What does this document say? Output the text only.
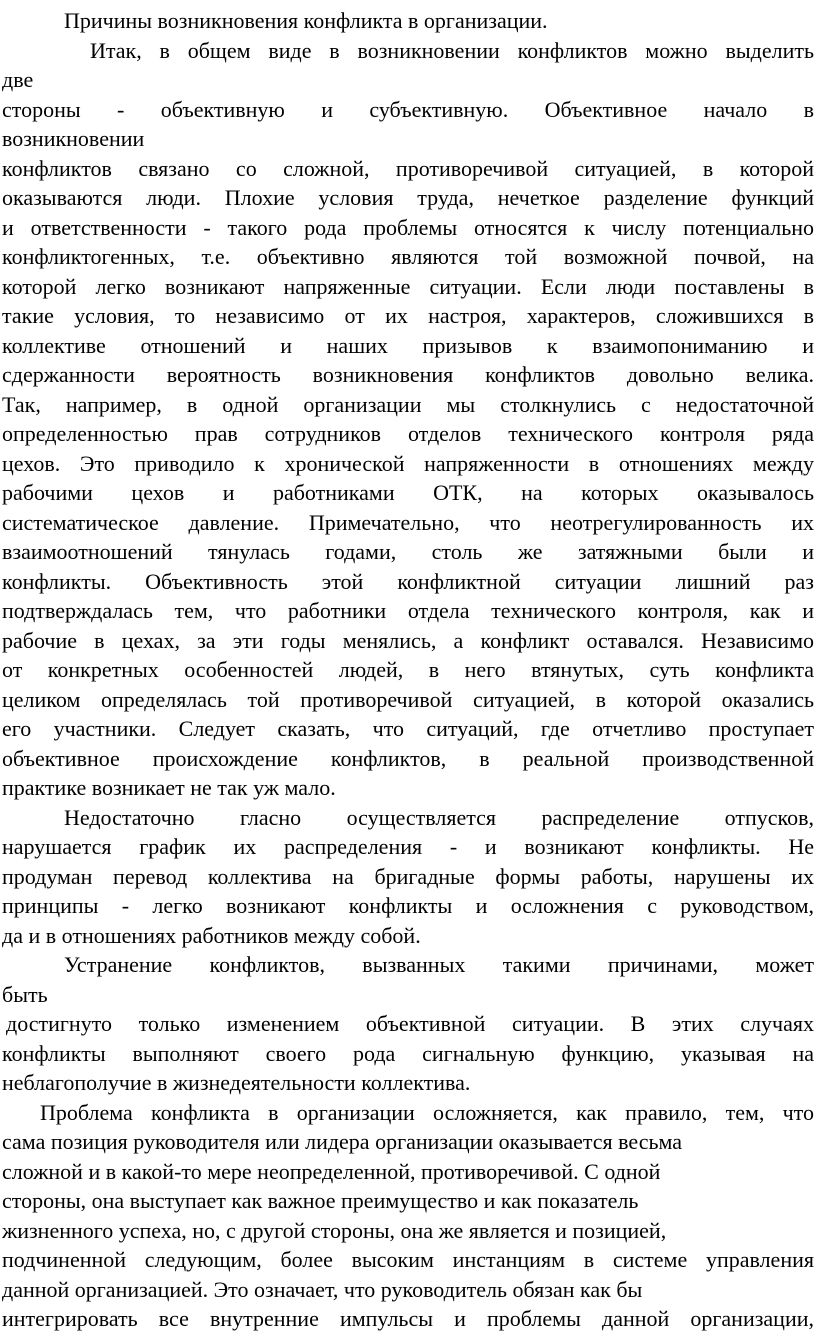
Причины возникновения конфликта в организации.
Итак, в общем виде в возникновении конфликтов можно выделить
две
стороны - объективную и субъективную. Объективное начало в
возникновении
конфликтов связано со сложной, противоречивой ситуацией, в которой
оказываются люди. Плохие условия труда, нечеткое разделение функций
и ответственности - такого рода проблемы относятся к числу потенциально
конфликтогенных, т.е. объективно являются той возможной почвой, на
которой легко возникают напряженные ситуации. Если люди поставлены в
такие условия, то независимо от их настроя, характеров, сложившихся в
коллективе отношений и наших призывов к взаимопониманию и
сдержанности вероятность возникновения конфликтов довольно велика.
Так, например, в одной организации мы столкнулись с недостаточной
определенностью прав сотрудников отделов технического контроля ряда
цехов. Это приводило к хронической напряженности в отношениях между
рабочими цехов и работниками ОТК, на которых оказывалось
систематическое давление. Примечательно, что неотрегулированность их
взаимоотношений тянулась годами, столь же затяжными были и
конфликты. Объективность этой конфликтной ситуации лишний раз
подтверждалась тем, что работники отдела технического контроля, как и
рабочие в цехах, за эти годы менялись, а конфликт оставался. Независимо
от конкретных особенностей людей, в него втянутых, суть конфликта
целиком определялась той противоречивой ситуацией, в которой оказались
его участники. Следует сказать, что ситуаций, где отчетливо проступает
объективное происхождение конфликтов, в реальной производственной
практике возникает не так уж мало.
Недостаточно гласно осуществляется распределение отпусков,
нарушается график их распределения - и возникают конфликты. Не
продуман перевод коллектива на бригадные формы работы, нарушены их
принципы - легко возникают конфликты и осложнения с руководством,
да и в отношениях работников между собой.
Устранение конфликтов, вызванных такими причинами, может
быть
достигнуто только изменением объективной ситуации. В этих случаях
конфликты выполняют своего рода сигнальную функцию, указывая на
неблагополучие в жизнедеятельности коллектива.
Проблема конфликта в организации осложняется, как правило, тем, что
сама позиция руководителя или лидера организации оказывается весьма
сложной и в какой-то мере неопределенной, противоречивой. С одной
стороны, она выступает как важное преимущество и как показатель
жизненного успеха, но, с другой стороны, она же является и позицией,
подчиненной следующим, более высоким инстанциям в системе управления
данной организацией. Это означает, что руководитель обязан как бы
интегрировать все внутренние импульсы и проблемы данной организации,
